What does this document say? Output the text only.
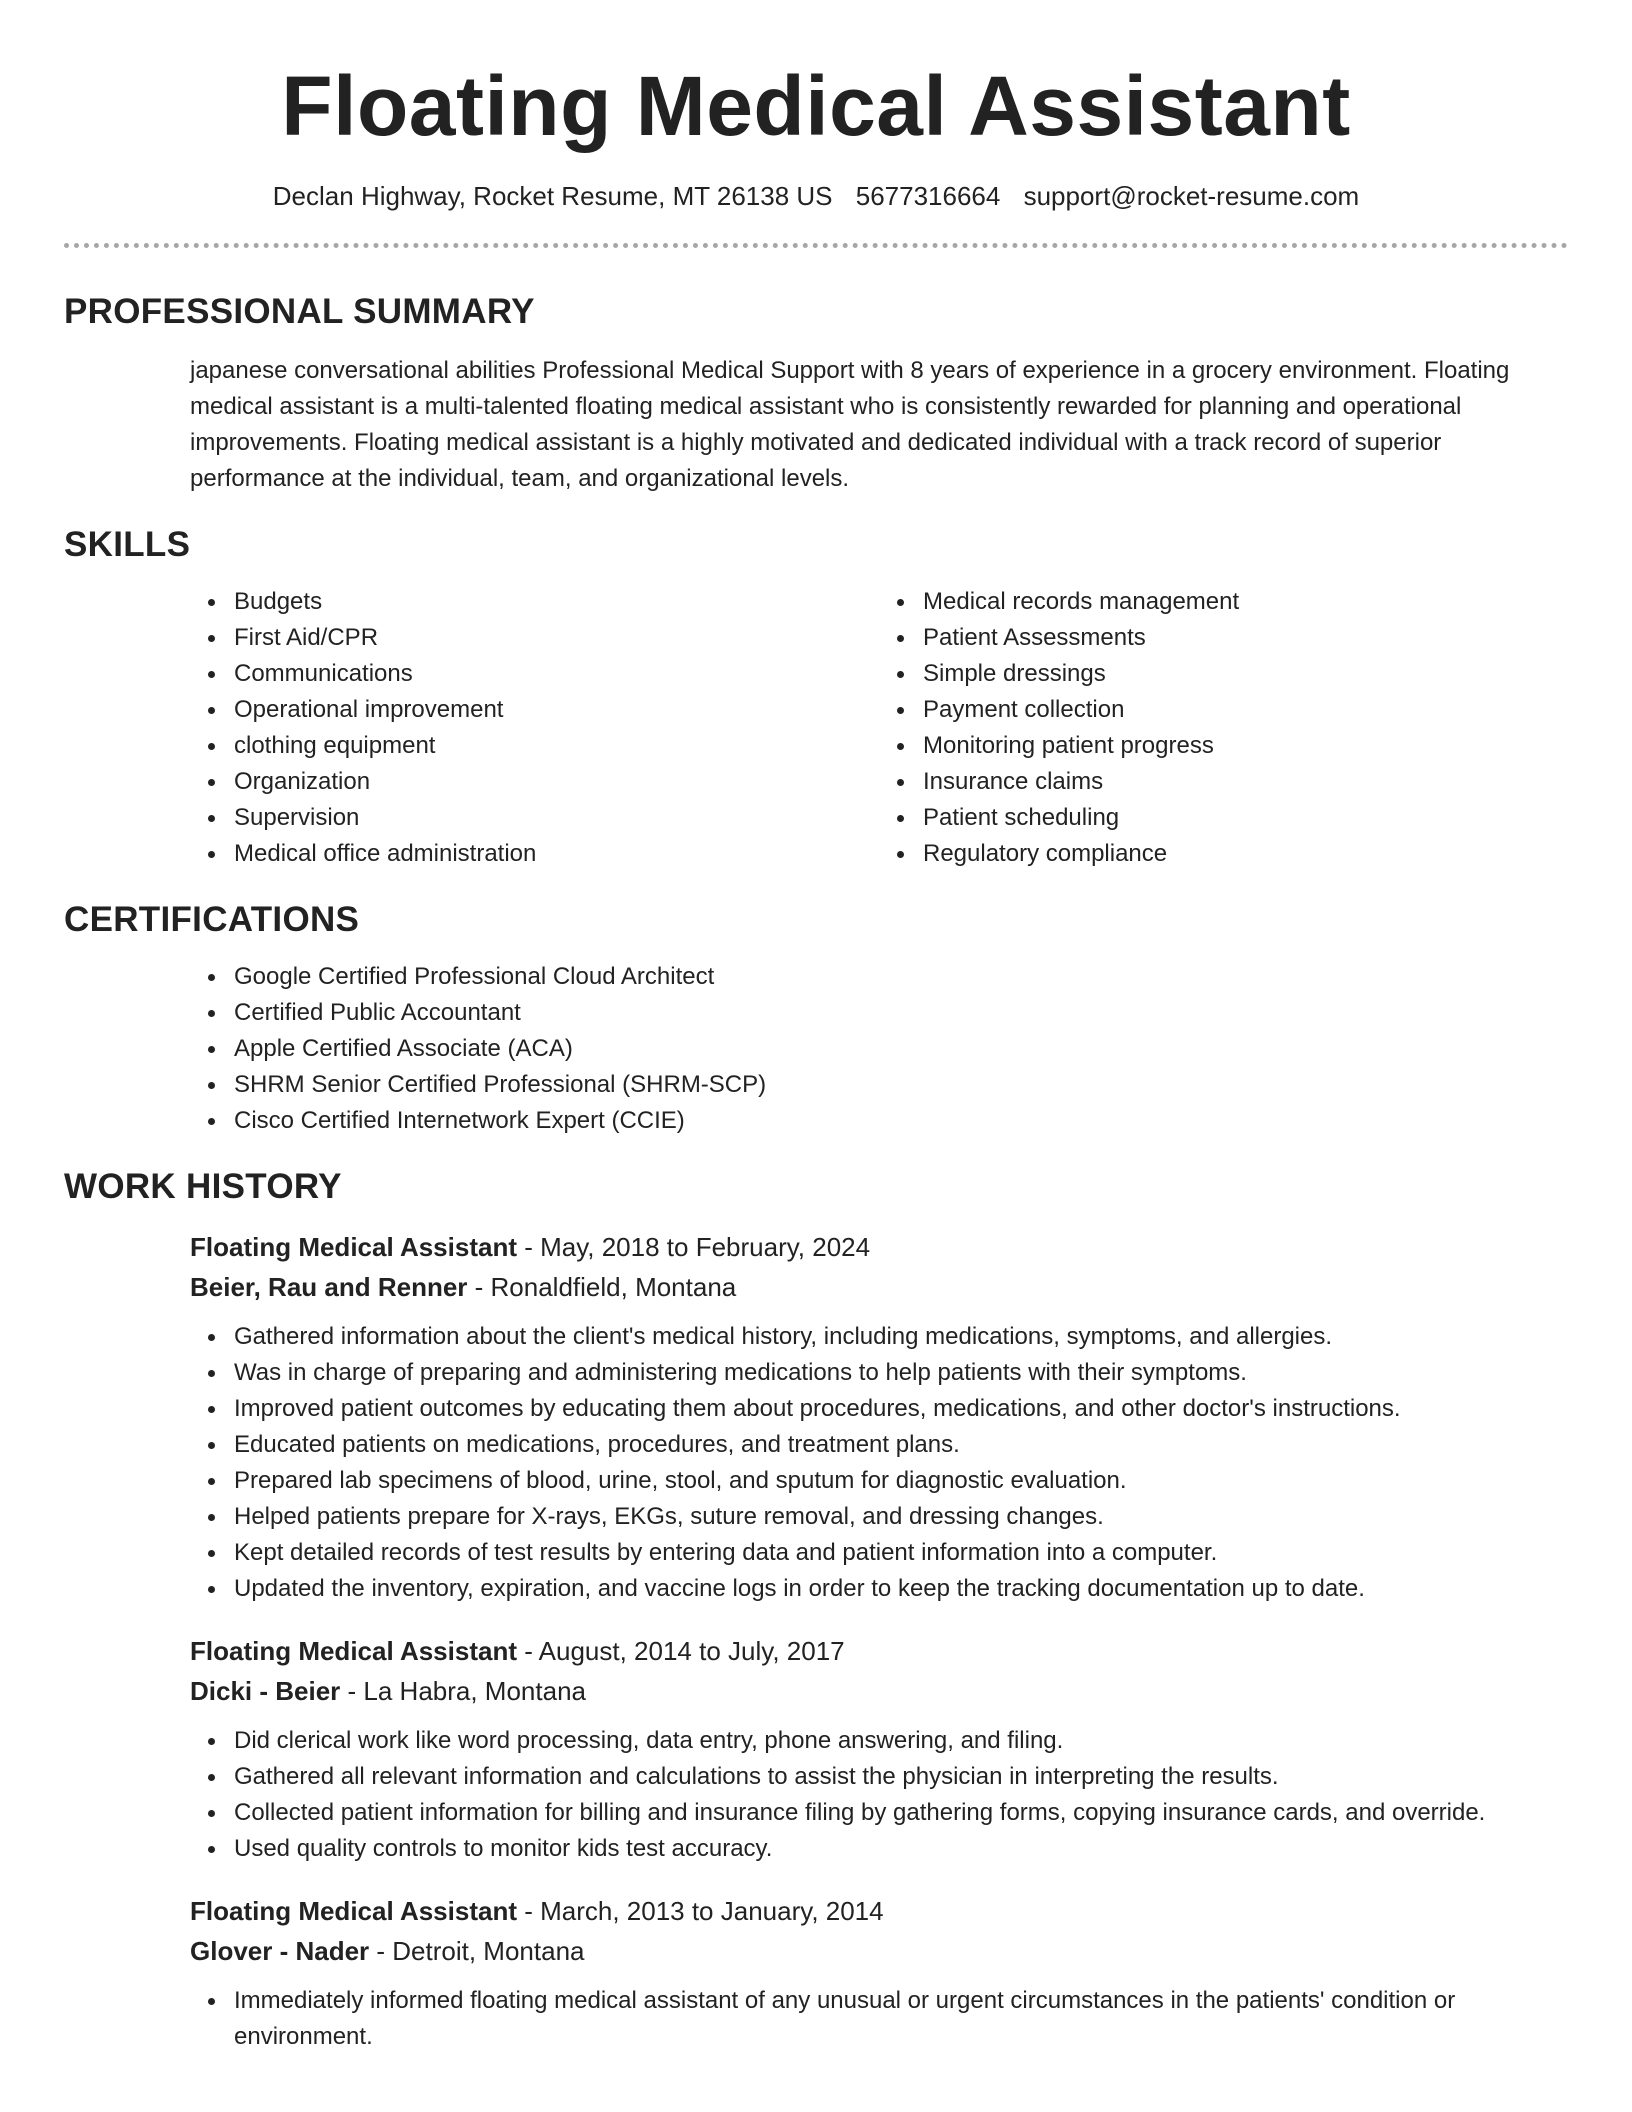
Floating Medical Assistant
Declan Highway, Rocket Resume, MT 26138 US 5677316664 support@rocket-resume.com
PROFESSIONAL SUMMARY

japanese conversational abilities Professional Medical Support with 8 years of experience in a grocery environment. Floating medical assistant is a multi-talented floating medical assistant who is consistently rewarded for planning and operational improvements. Floating medical assistant is a highly motivated and dedicated individual with a track record of superior performance at the individual, team, and organizational levels.

SKILLS
Budgets
First Aid/CPR
Communications
Operational improvement
clothing equipment
Organization
Supervision
Medical office administration
Medical records management
Patient Assessments
Simple dressings
Payment collection
Monitoring patient progress
Insurance claims
Patient scheduling
Regulatory compliance
CERTIFICATIONS
Google Certified Professional Cloud Architect
Certified Public Accountant
Apple Certified Associate (ACA)
SHRM Senior Certified Professional (SHRM-SCP)
Cisco Certified Internetwork Expert (CCIE)
WORK HISTORY
Floating Medical Assistant - May, 2018 to February, 2024
Beier, Rau and Renner - Ronaldfield, Montana
Gathered information about the client's medical history, including medications, symptoms, and allergies.
Was in charge of preparing and administering medications to help patients with their symptoms.
Improved patient outcomes by educating them about procedures, medications, and other doctor's instructions.
Educated patients on medications, procedures, and treatment plans.
Prepared lab specimens of blood, urine, stool, and sputum for diagnostic evaluation.
Helped patients prepare for X-rays, EKGs, suture removal, and dressing changes.
Kept detailed records of test results by entering data and patient information into a computer.
Updated the inventory, expiration, and vaccine logs in order to keep the tracking documentation up to date.
Floating Medical Assistant - August, 2014 to July, 2017
Dicki - Beier - La Habra, Montana
Did clerical work like word processing, data entry, phone answering, and filing.
Gathered all relevant information and calculations to assist the physician in interpreting the results.
Collected patient information for billing and insurance filing by gathering forms, copying insurance cards, and override.
Used quality controls to monitor kids test accuracy.
Floating Medical Assistant - March, 2013 to January, 2014
Glover - Nader - Detroit, Montana
Immediately informed floating medical assistant of any unusual or urgent circumstances in the patients' condition or environment.
